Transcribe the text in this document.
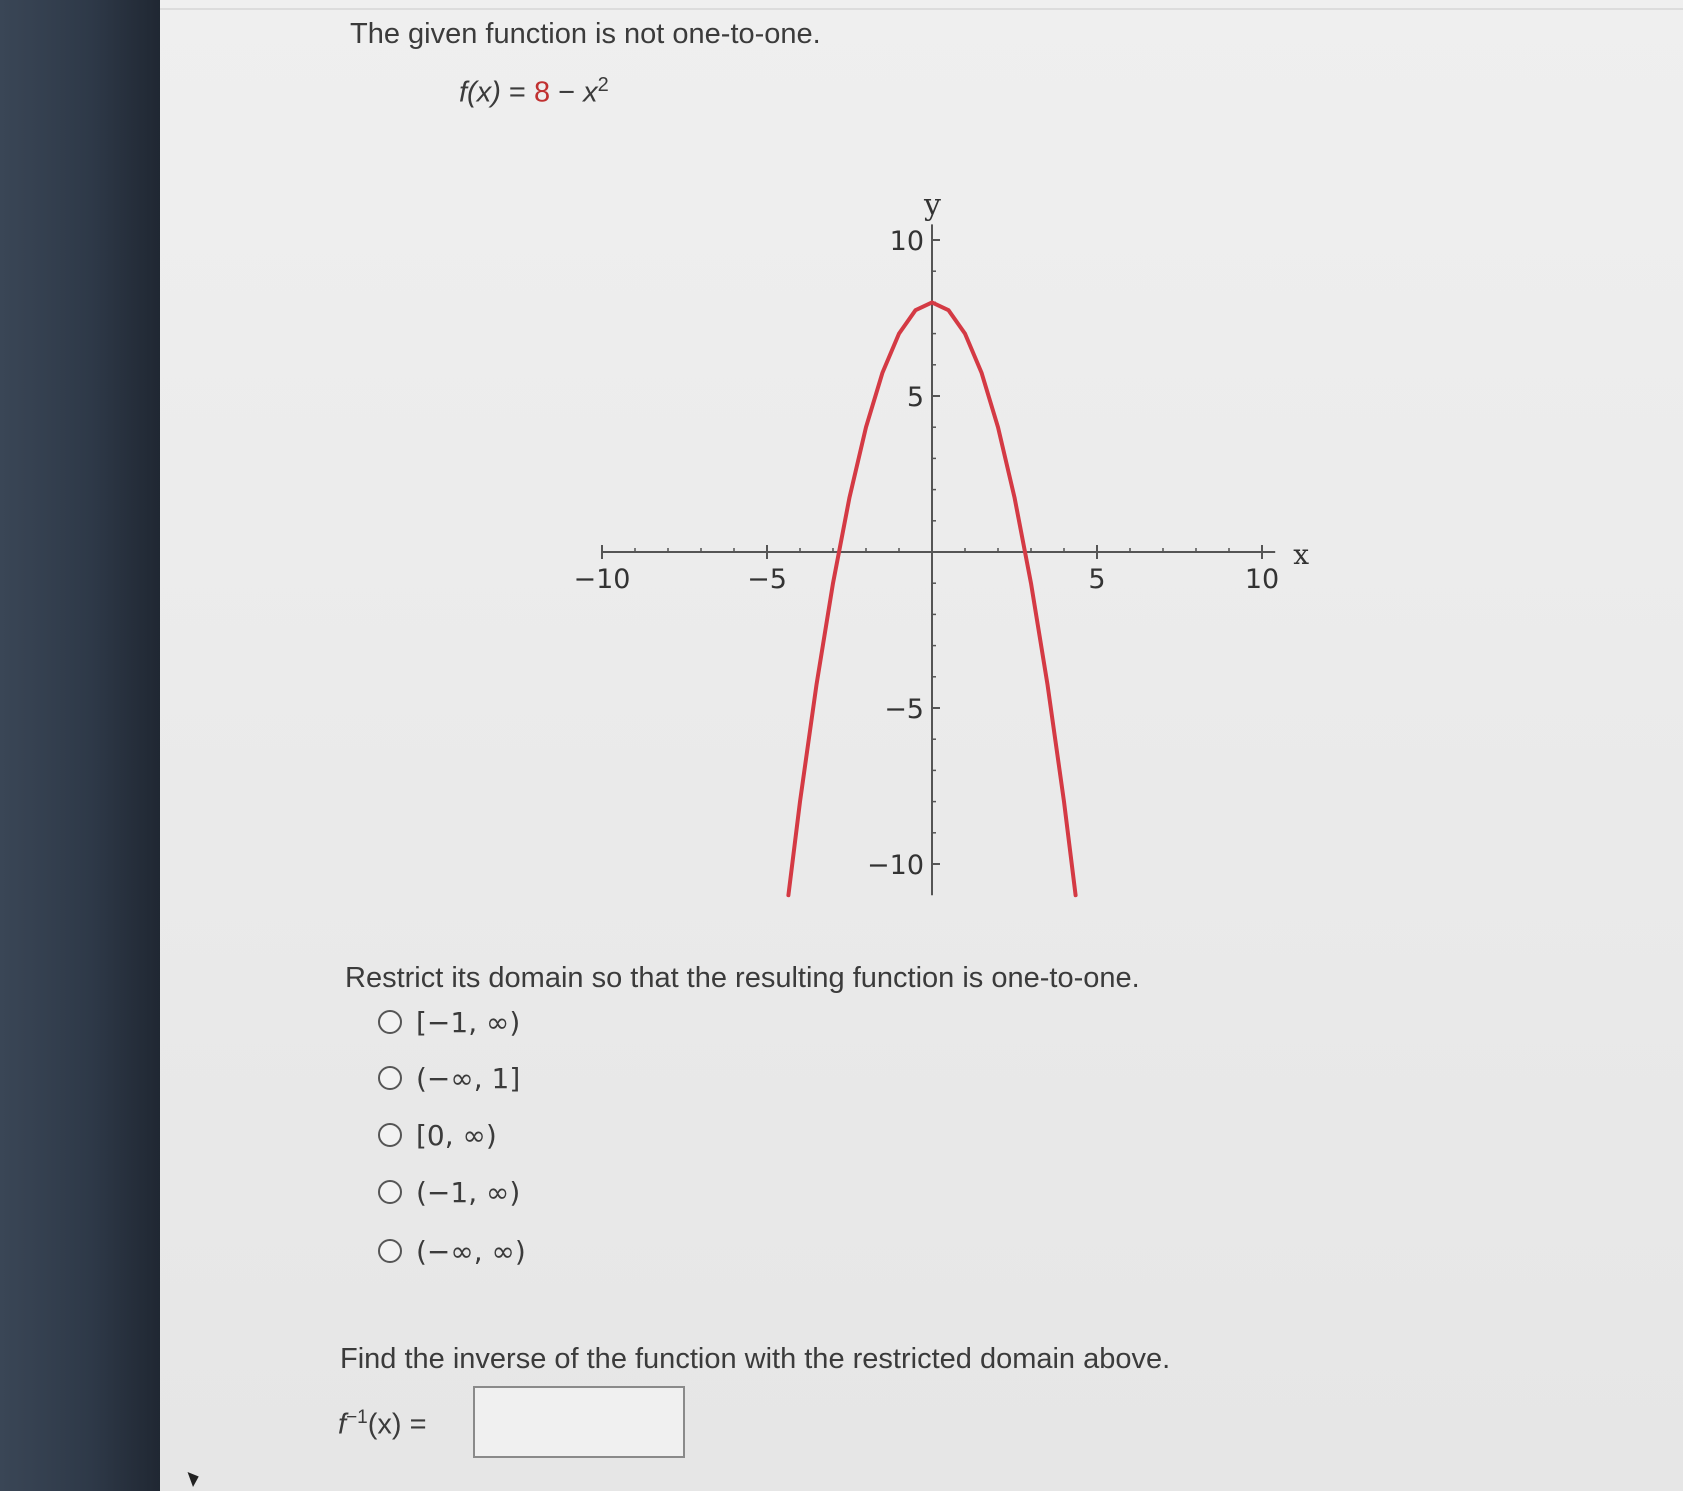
The given function is not one-to-one.
$f(x) = 8 - x^2$
−10	−5	5	10
10
5
−5
−10
x
y
Restrict its domain so that the resulting function is one-to-one.
[−1, ∞)
(−∞, 1]
[0, ∞)
(−1, ∞)
(−∞, ∞)
Find the inverse of the function with the restricted domain above.
$f^{-1}(x)$ =
